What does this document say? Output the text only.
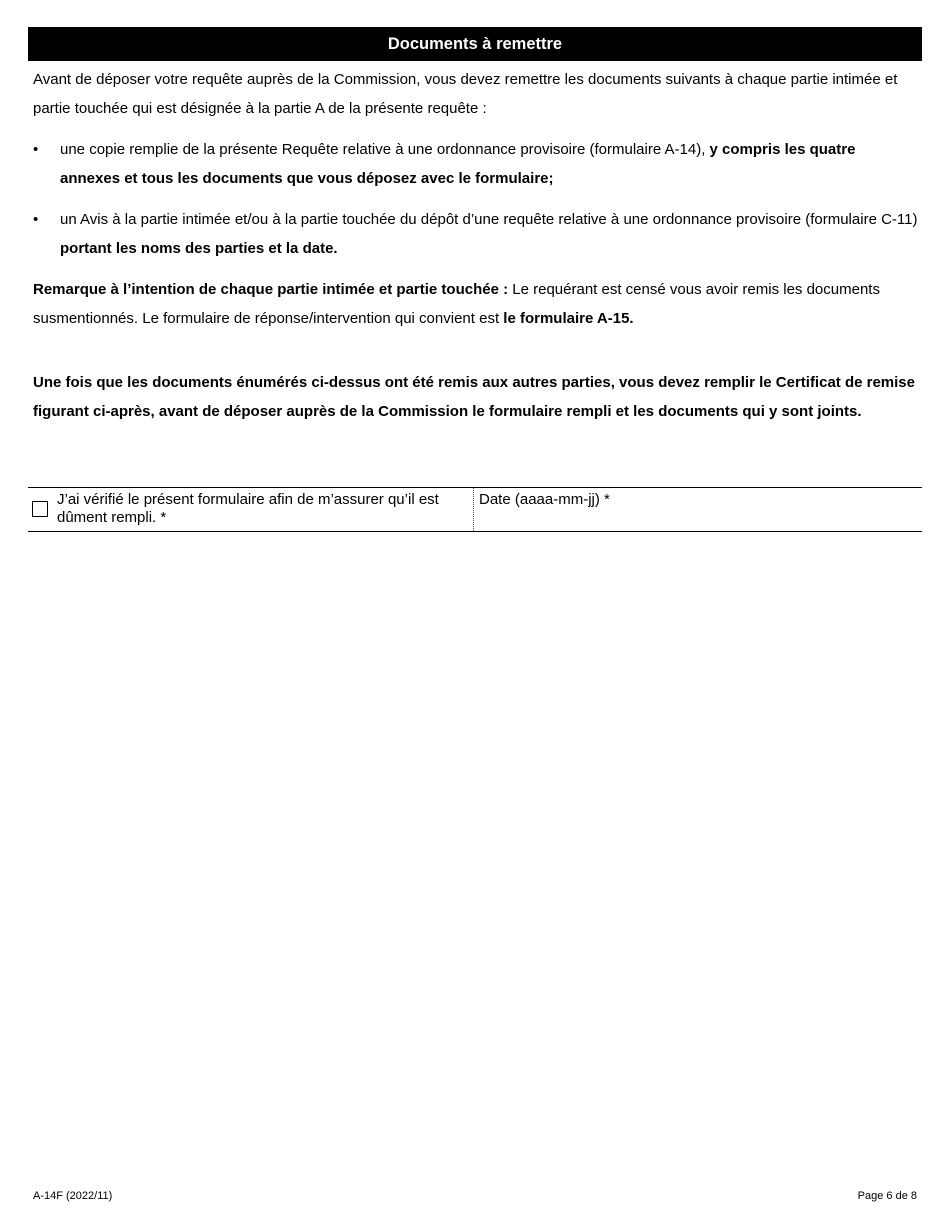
Documents à remettre

Avant de déposer votre requête auprès de la Commission, vous devez remettre les documents suivants à chaque partie intimée et partie touchée qui est désignée à la partie A de la présente requête :

• une copie remplie de la présente Requête relative à une ordonnance provisoire (formulaire A-14), y compris les quatre annexes et tous les documents que vous déposez avec le formulaire;
• un Avis à la partie intimée et/ou à la partie touchée du dépôt d’une requête relative à une ordonnance provisoire (formulaire C-11) portant les noms des parties et la date.

Remarque à l’intention de chaque partie intimée et partie touchée : Le requérant est censé vous avoir remis les documents susmentionnés. Le formulaire de réponse/intervention qui convient est le formulaire A-15.

Une fois que les documents énumérés ci-dessus ont été remis aux autres parties, vous devez remplir le Certificat de remise figurant ci-après, avant de déposer auprès de la Commission le formulaire rempli et les documents qui y sont joints.

J’ai vérifié le présent formulaire afin de m’assurer qu’il est dûment rempli. *
Date (aaaa-mm-jj) *
A-14F (2022/11)	Page 6 de 8
